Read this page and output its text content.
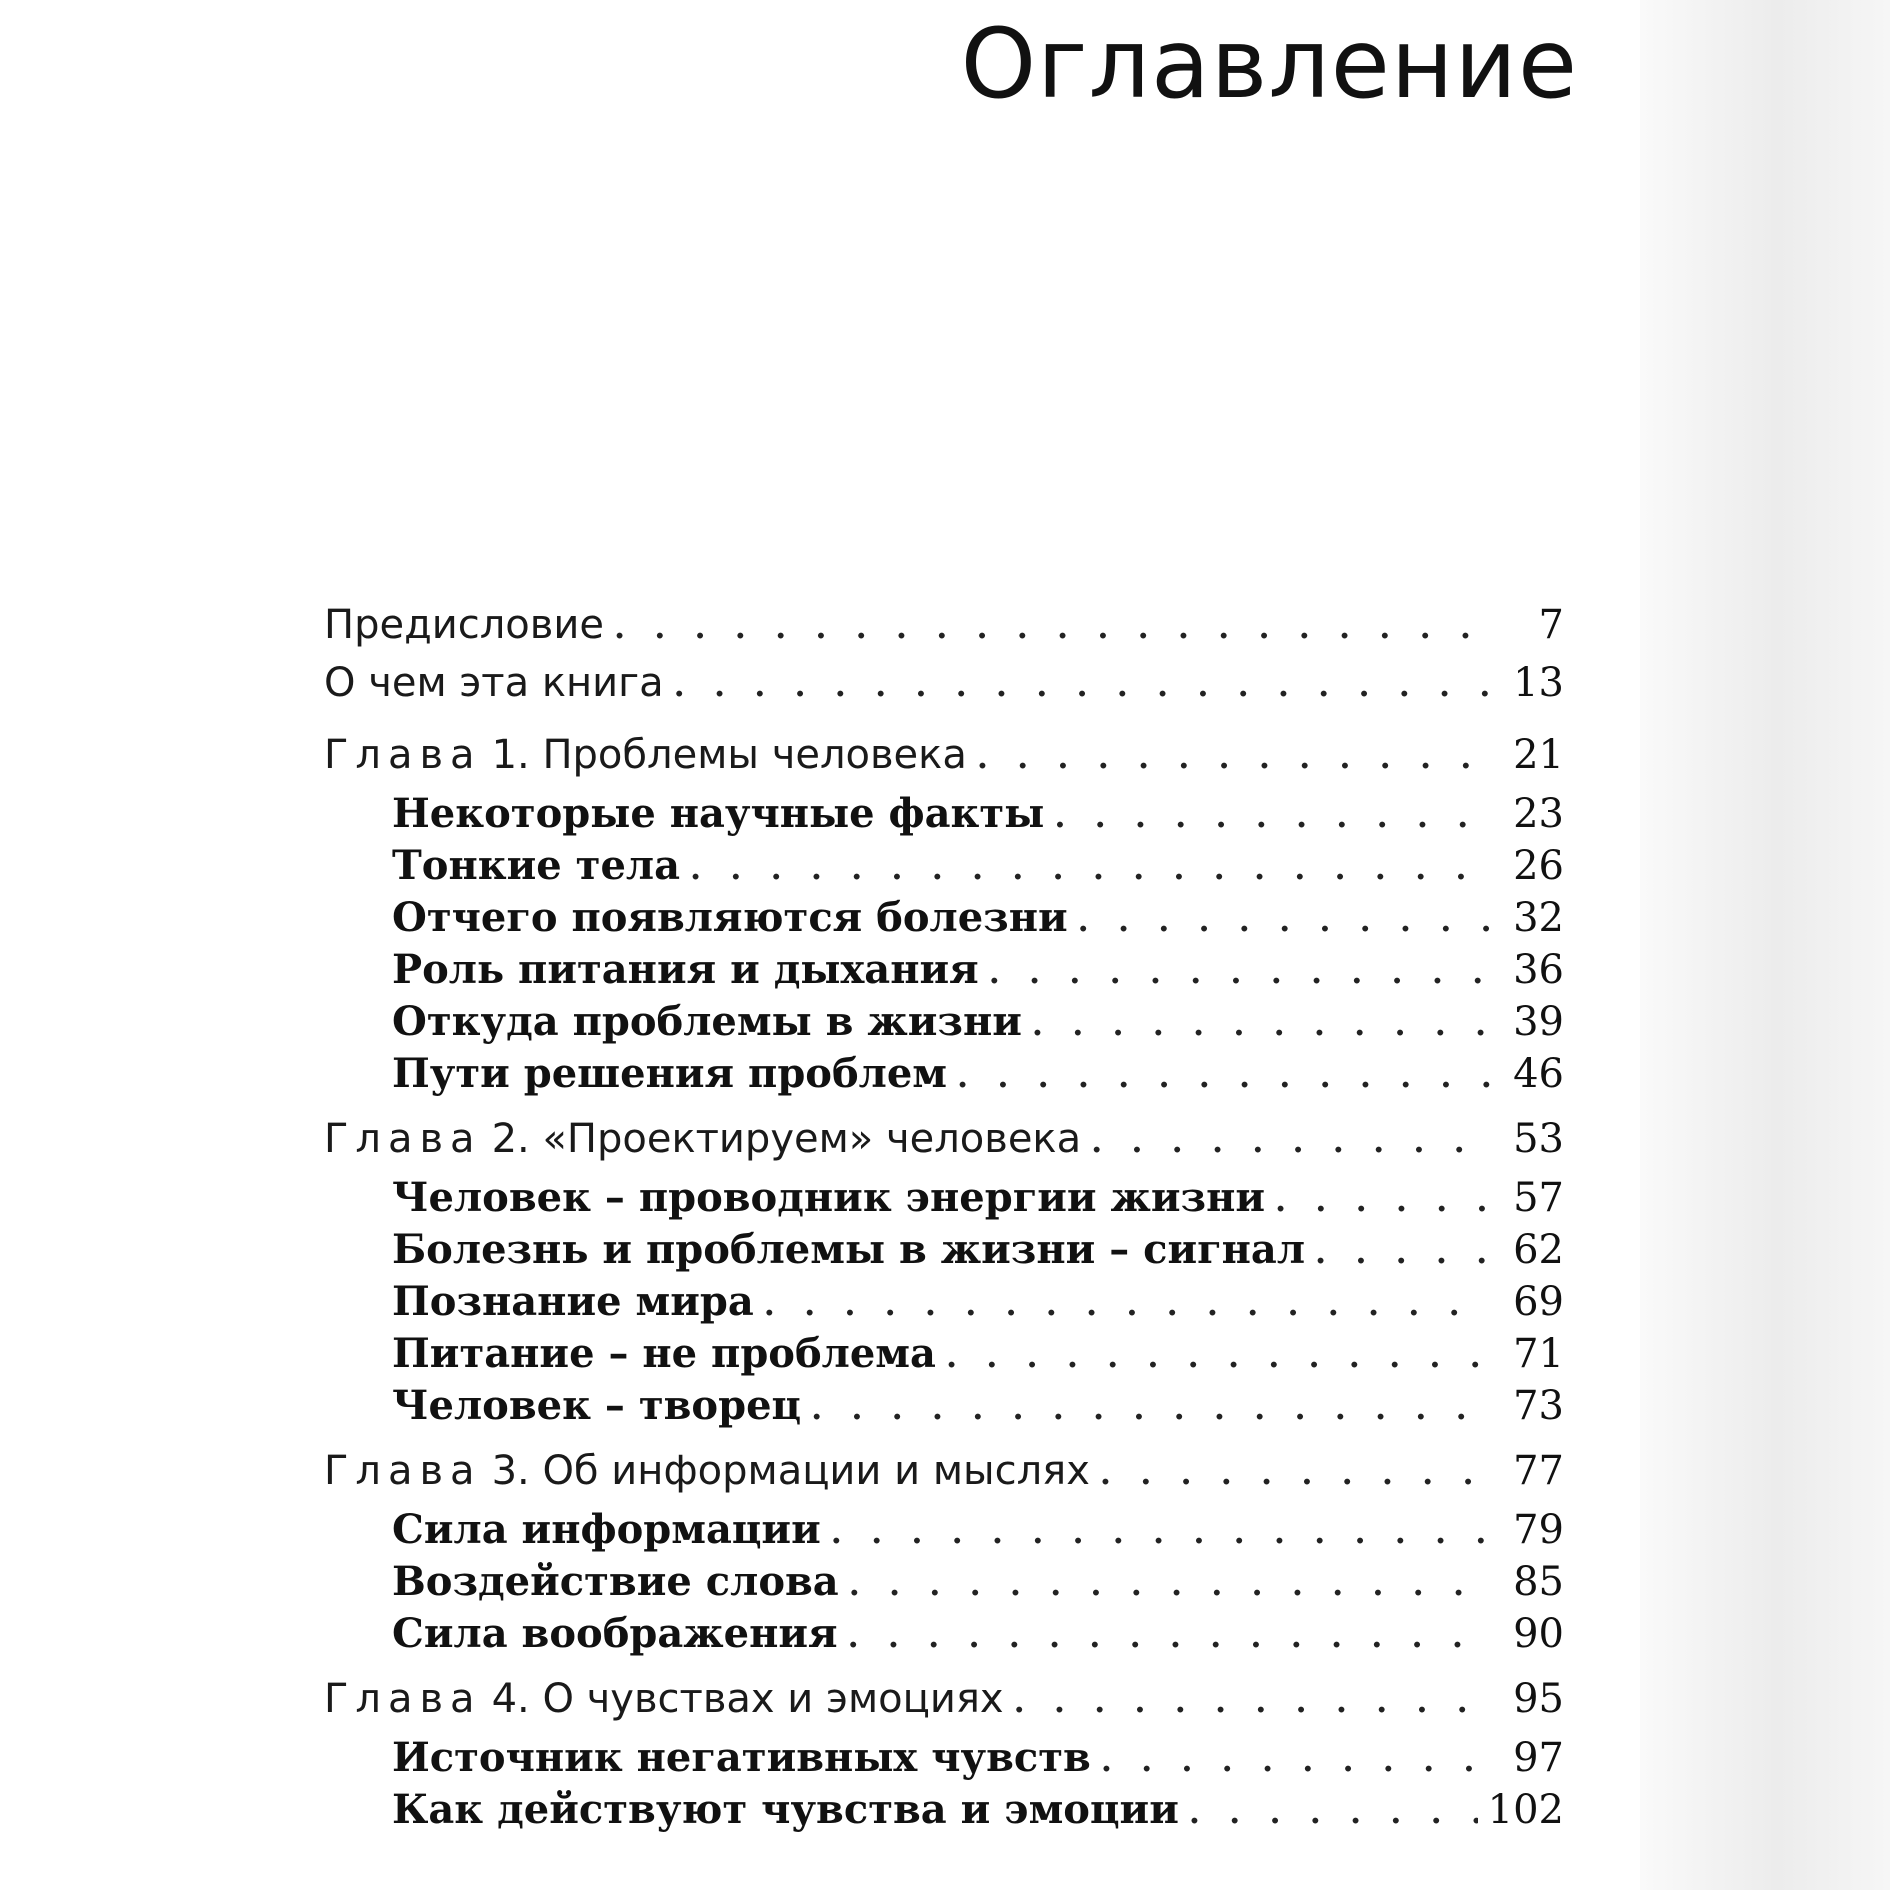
Оглавление
Предисловие . . .	7
О чем эта книга . . .	13
Глава 1. Проблемы человека . . .	21
Некоторые научные факты . . .	23
Тонкие тела . . .	26
Отчего появляются болезни . . .	32
Роль питания и дыхания . . .	36
Откуда проблемы в жизни . . .	39
Пути решения проблем . . .	46
Глава 2. «Проектируем» человека . . .	53
Человек – проводник энергии жизни . . .	57
Болезнь и проблемы в жизни – сигнал . . .	62
Познание мира . . .	69
Питание – не проблема . . .	71
Человек – творец . . .	73
Глава 3. Об информации и мыслях . . .	77
Сила информации . . .	79
Воздействие слова . . .	85
Сила воображения . . .	90
Глава 4. О чувствах и эмоциях . . .	95
Источник негативных чувств . . .	97
Как действуют чувства и эмоции . . .	102
